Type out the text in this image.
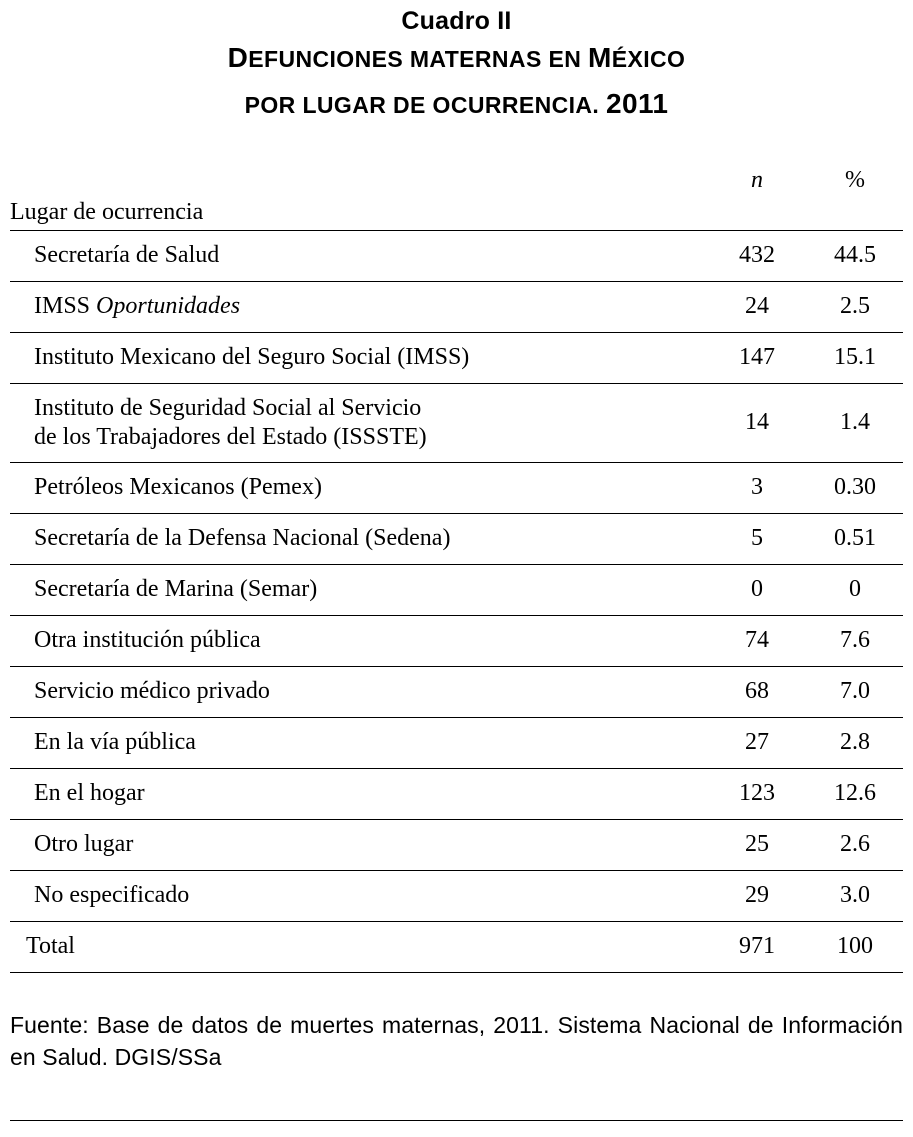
Cuadro II
DEFUNCIONES MATERNAS EN MÉXICO
POR LUGAR DE OCURRENCIA. 2011
	n	%
Lugar de ocurrencia		
Secretaría de Salud	432	44.5
IMSS Oportunidades	24	2.5
Instituto Mexicano del Seguro Social (IMSS)	147	15.1

Instituto de Seguridad Social al Servicio
de los Trabajadores del Estado (ISSSTE)	14	1.4
Petróleos Mexicanos (Pemex)	3	0.30
Secretaría de la Defensa Nacional (Sedena)	5	0.51
Secretaría de Marina (Semar)	0	0
Otra institución pública	74	7.6
Servicio médico privado	68	7.0
En la vía pública	27	2.8
En el hogar	123	12.6
Otro lugar	25	2.6
No especificado	29	3.0
Total	971	100
Fuente: Base de datos de muertes maternas, 2011. Sistema Nacional de Información en Salud. DGIS/SSa
